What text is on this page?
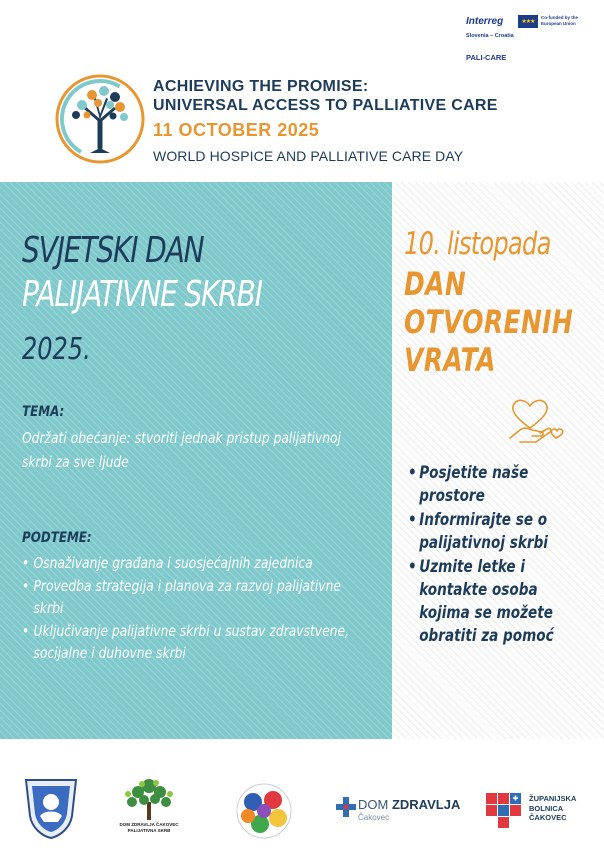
Interreg	★★★
Co-funded by the European Union
Slovenia – Croatia
PALI-CARE
ACHIEVING THE PROMISE:
UNIVERSAL ACCESS TO PALLIATIVE CARE
11 OCTOBER 2025
WORLD HOSPICE AND PALLIATIVE CARE DAY
SVJETSKI DAN
PALIJATIVNE SKRBI
2025.
TEMA:
Održati obećanje: stvoriti jednak pristup palijativnoj skrbi za sve ljude
PODTEME:
• Osnaživanje građana i suosjećajnih zajednica
• Provedba strategija i planova za razvoj palijativne skrbi
• Uključivanje palijativne skrbi u sustav zdravstvene, socijalne i duhovne skrbi
10. listopada
DAN
OTVORENIH
VRATA
• Posjetite naše prostore
• Informirajte se o palijativnoj skrbi
• Uzmite letke i kontakte osoba kojima se možete obratiti za pomoć
DOM ZDRAVLJA ČAKOVEC PALIJATIVNA SKRB
DOM ZDRAVLJA
Čakovec
ŽUPANIJSKA
BOLNICA
ČAKOVEC
